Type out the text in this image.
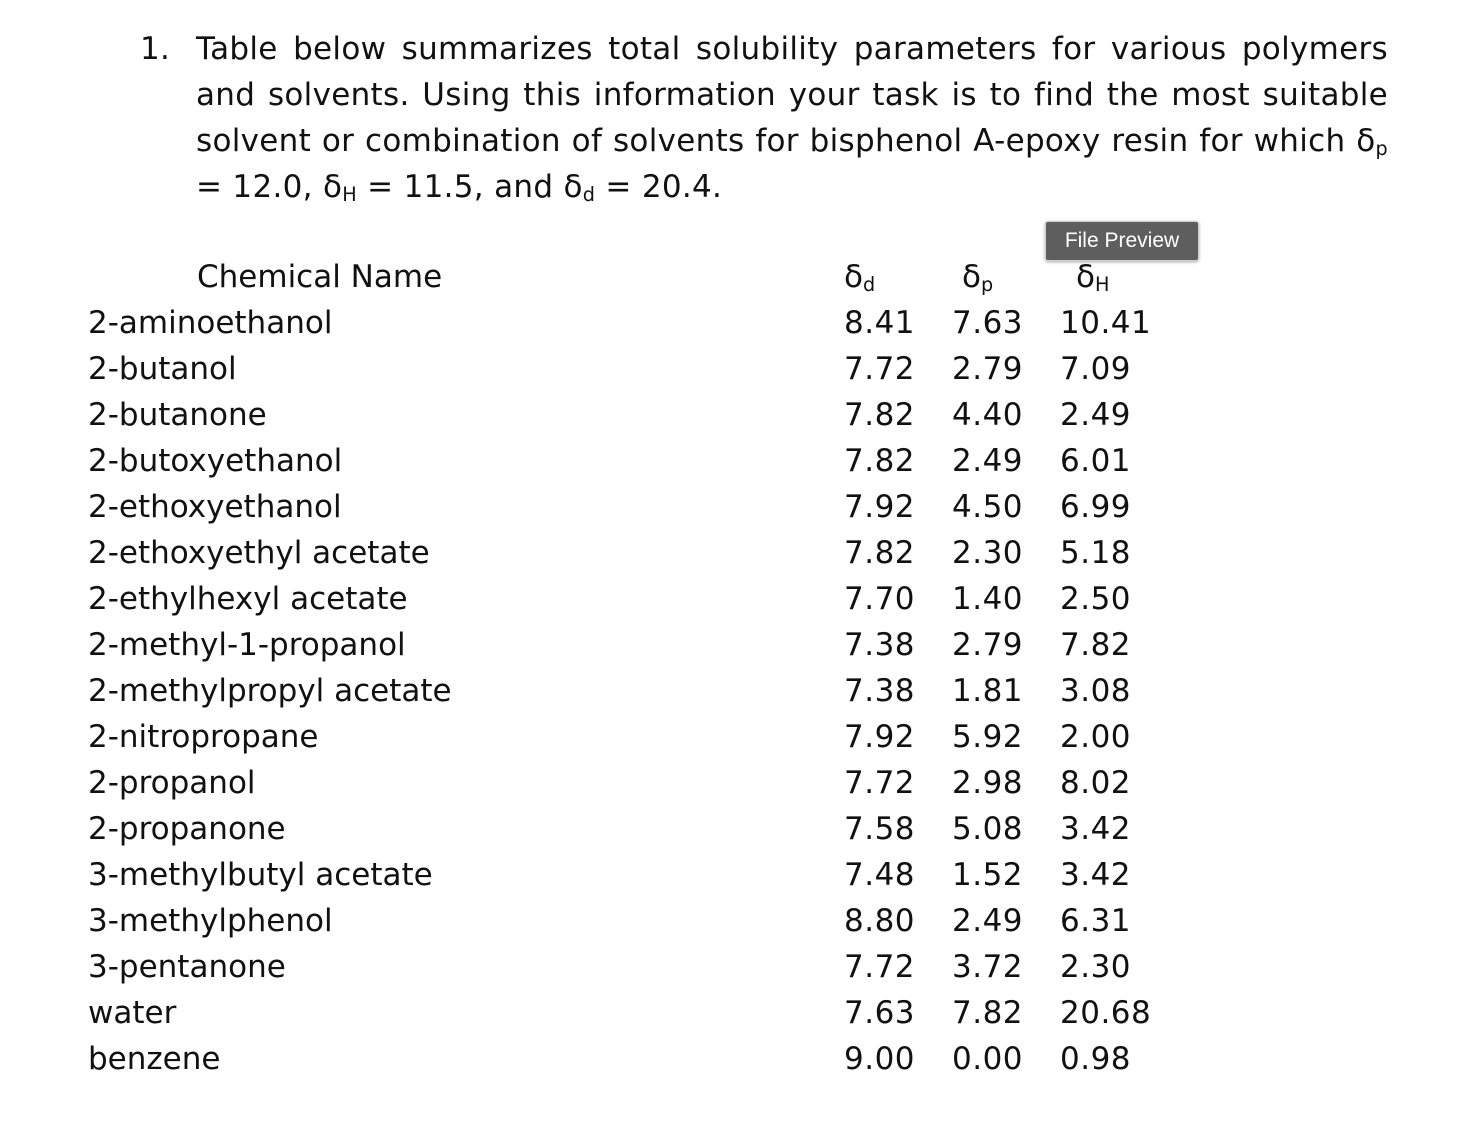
1. Table below summarizes total solubility parameters for various polymers and solvents. Using this information your task is to find the most suitable solvent or combination of solvents for bisphenol A-epoxy resin for which $\delta_p = 12.0$, $\delta_H = 11.5$, and $\delta_d = 20.4$.
File Preview
Chemical Name	$\delta_d$	$\delta_p$	$\delta_H$
2-aminoethanol	8.41 7.63 10.41
2-butanol	7.72 2.79 7.09
2-butanone	7.82 4.40 2.49
2-butoxyethanol	7.82 2.49 6.01
2-ethoxyethanol	7.92 4.50 6.99
2-ethoxyethyl acetate	7.82 2.30 5.18
2-ethylhexyl acetate	7.70 1.40 2.50
2-methyl-1-propanol	7.38 2.79 7.82
2-methylpropyl acetate	7.38 1.81 3.08
2-nitropropane	7.92 5.92 2.00
2-propanol	7.72 2.98 8.02
2-propanone	7.58 5.08 3.42
3-methylbutyl acetate	7.48 1.52 3.42
3-methylphenol	8.80 2.49 6.31
3-pentanone	7.72 3.72 2.30
water	7.63 7.82 20.68
benzene	9.00 0.00 0.98
